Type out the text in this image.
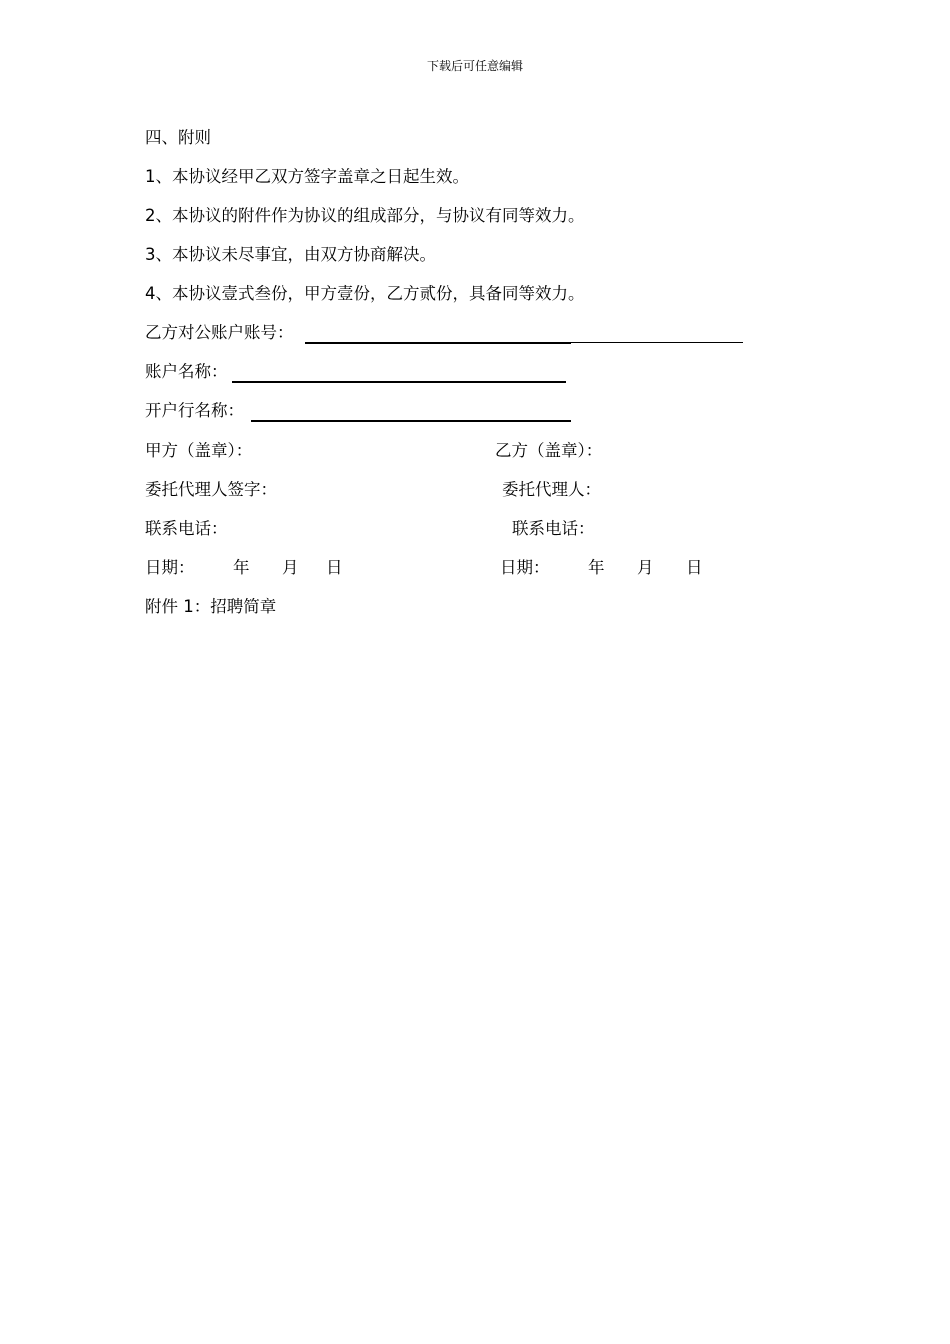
下载后可任意编辑
四、附则
1、本协议经甲乙双方签字盖章之日起生效。
2、本协议的附件作为协议的组成部分，与协议有同等效力。
3、本协议未尽事宜，由双方协商解决。
4、本协议壹式叁份，甲方壹份，乙方贰份，具备同等效力。
乙方对公账户账号：
账户名称：
开户行名称：
甲方（盖章）：	乙方（盖章）：
委托代理人签字：	委托代理人：
联系电话：	联系电话：
日期： 年 月 日	日期： 年 月 日
附件 1：招聘简章
